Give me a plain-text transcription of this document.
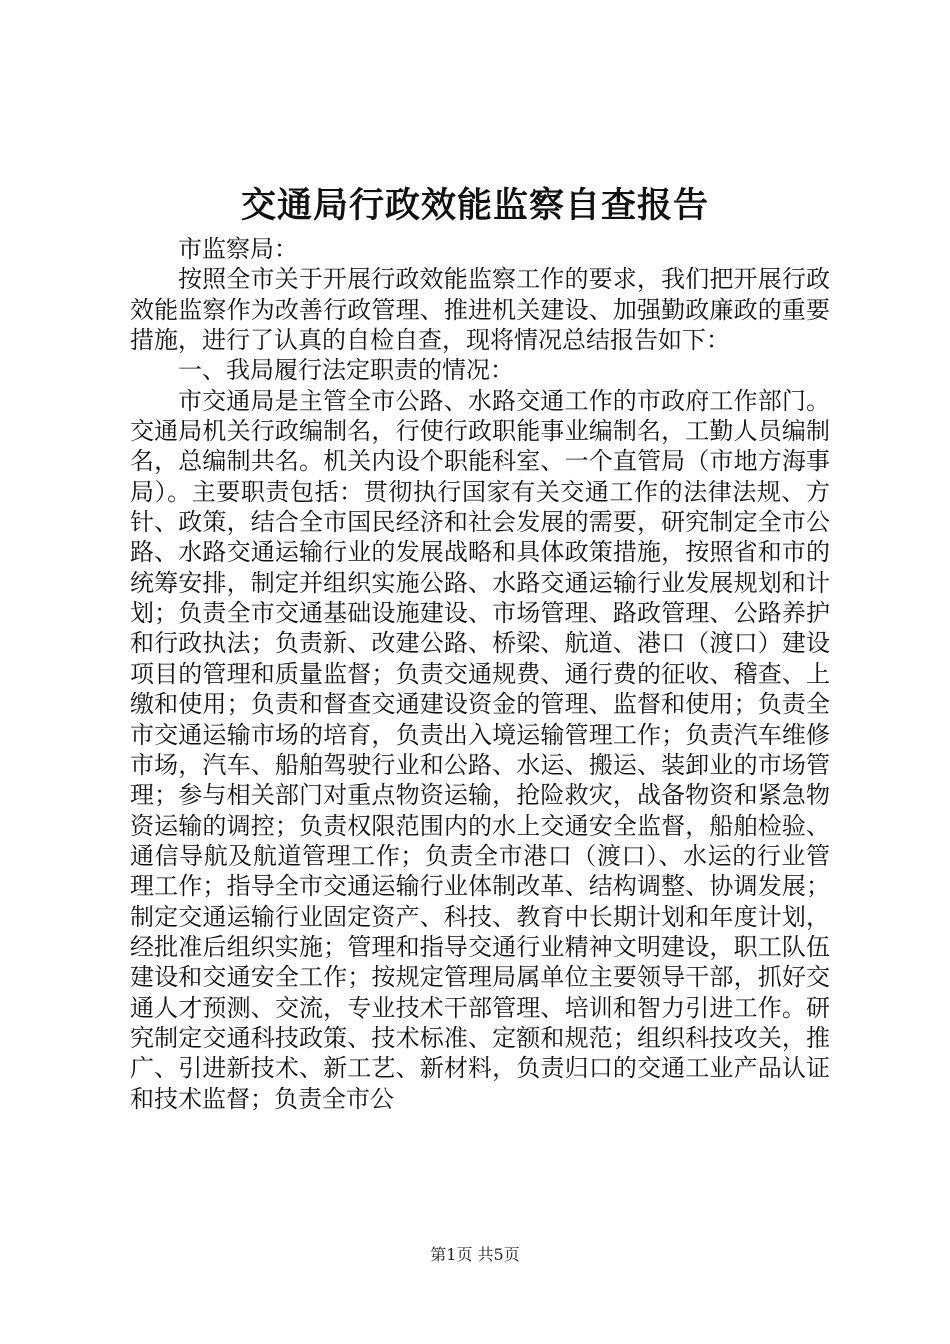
交通局行政效能监察自查报告

市监察局：

按照全市关于开展行政效能监察工作的要求，我们把开展行政效能监察作为改善行政管理、推进机关建设、加强勤政廉政的重要措施，进行了认真的自检自查，现将情况总结报告如下：

一、我局履行法定职责的情况：

市交通局是主管全市公路、水路交通工作的市政府工作部门。交通局机关行政编制名，行使行政职能事业编制名，工勤人员编制名，总编制共名。机关内设个职能科室、一个直管局（市地方海事局）。主要职责包括：贯彻执行国家有关交通工作的法律法规、方针、政策，结合全市国民经济和社会发展的需要，研究制定全市公路、水路交通运输行业的发展战略和具体政策措施，按照省和市的统筹安排，制定并组织实施公路、水路交通运输行业发展规划和计划；负责全市交通基础设施建设、市场管理、路政管理、公路养护和行政执法；负责新、改建公路、桥梁、航道、港口（渡口）建设项目的管理和质量监督；负责交通规费、通行费的征收、稽查、上缴和使用；负责和督查交通建设资金的管理、监督和使用；负责全市交通运输市场的培育，负责出入境运输管理工作；负责汽车维修市场，汽车、船舶驾驶行业和公路、水运、搬运、装卸业的市场管理；参与相关部门对重点物资运输，抢险救灾，战备物资和紧急物资运输的调控；负责权限范围内的水上交通安全监督，船舶检验、通信导航及航道管理工作；负责全市港口（渡口）、水运的行业管理工作；指导全市交通运输行业体制改革、结构调整、协调发展；制定交通运输行业固定资产、科技、教育中长期计划和年度计划，经批准后组织实施；管理和指导交通行业精神文明建设，职工队伍建设和交通安全工作；按规定管理局属单位主要领导干部，抓好交通人才预测、交流，专业技术干部管理、培训和智力引进工作。研究制定交通科技政策、技术标准、定额和规范；组织科技攻关，推广、引进新技术、新工艺、新材料，负责归口的交通工业产品认证和技术监督；负责全市公

第1页 共5页
